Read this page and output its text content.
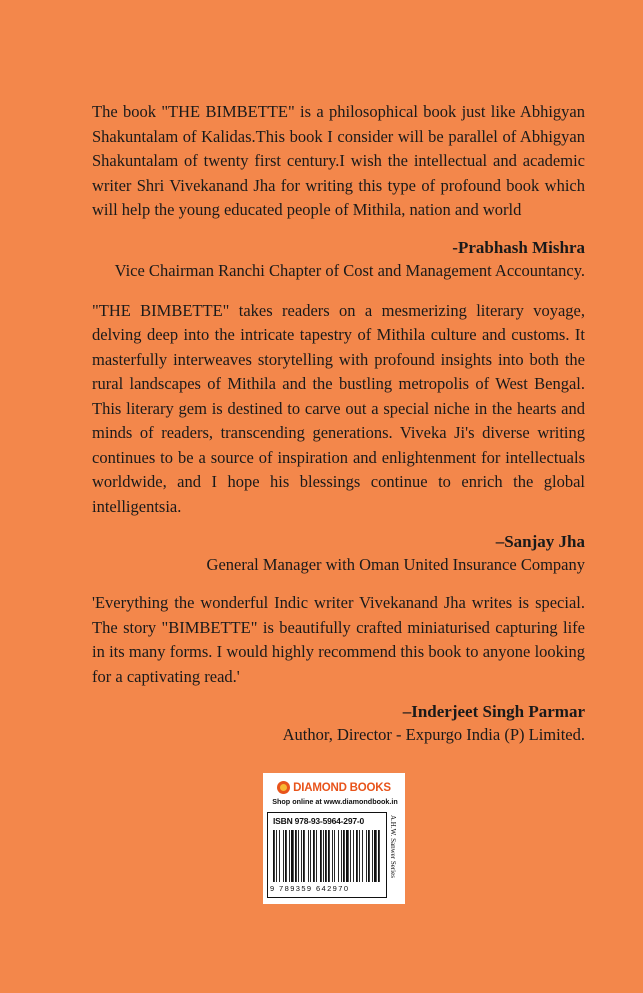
The book "THE BIMBETTE" is a philosophical book just like Abhigyan Shakuntalam of Kalidas.This book I consider will be parallel of Abhigyan Shakuntalam of twenty first century.I wish the intellectual and academic writer Shri Vivekanand Jha for writing this type of profound book which will help the young educated people of Mithila, nation and world

-Prabhash Mishra

Vice Chairman Ranchi Chapter of Cost and Management Accountancy.

"THE BIMBETTE" takes readers on a mesmerizing literary voyage, delving deep into the intricate tapestry of Mithila culture and customs. It masterfully interweaves storytelling with profound insights into both the rural landscapes of Mithila and the bustling metropolis of West Bengal. This literary gem is destined to carve out a special niche in the hearts and minds of readers, transcending generations. Viveka Ji's diverse writing continues to be a source of inspiration and enlightenment for intellectuals worldwide, and I hope his blessings continue to enrich the global intelligentsia.

–Sanjay Jha

General Manager with Oman United Insurance Company

'Everything the wonderful Indic writer Vivekanand Jha writes is special. The story "BIMBETTE" is beautifully crafted miniaturised capturing life in its many forms. I would highly recommend this book to anyone looking for a captivating read.'

–Inderjeet Singh Parmar

Author, Director - Expurgo India (P) Limited.

DIAMOND BOOKS
Shop online at www.diamondbook.in
ISBN 978-93-5964-297-0
9 789359 642970
A.H.W. Sanwer Series
